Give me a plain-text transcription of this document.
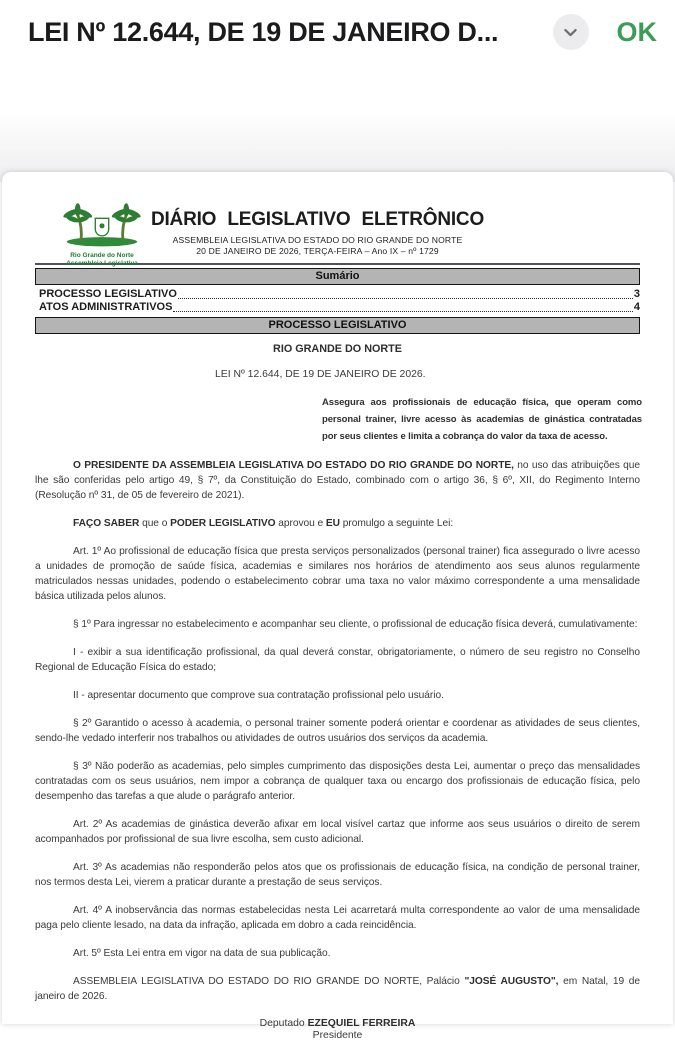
LEI Nº 12.644, DE 19 DE JANEIRO D...	OK
Rio Grande do Norte
Assembleia Legislativa
DIÁRIO LEGISLATIVO ELETRÔNICO
ASSEMBLEIA LEGISLATIVA DO ESTADO DO RIO GRANDE DO NORTE
20 DE JANEIRO DE 2026, TERÇA-FEIRA – Ano IX – nº 1729
Sumário
PROCESSO LEGISLATIVO	3
ATOS ADMINISTRATIVOS	4
PROCESSO LEGISLATIVO
RIO GRANDE DO NORTE
LEI Nº 12.644, DE 19 DE JANEIRO DE 2026.
Assegura aos profissionais de educação física, que operam como personal trainer, livre acesso às academias de ginástica contratadas por seus clientes e limita a cobrança do valor da taxa de acesso.

O PRESIDENTE DA ASSEMBLEIA LEGISLATIVA DO ESTADO DO RIO GRANDE DO NORTE, no uso das atribuições que lhe são conferidas pelo artigo 49, § 7º, da Constituição do Estado, combinado com o artigo 36, § 6º, XII, do Regimento Interno (Resolução nº 31, de 05 de fevereiro de 2021).

FAÇO SABER que o PODER LEGISLATIVO aprovou e EU promulgo a seguinte Lei:

Art. 1º Ao profissional de educação física que presta serviços personalizados (personal trainer) fica assegurado o livre acesso a unidades de promoção de saúde física, academias e similares nos horários de atendimento aos seus alunos regularmente matriculados nessas unidades, podendo o estabelecimento cobrar uma taxa no valor máximo correspondente a uma mensalidade básica utilizada pelos alunos.

§ 1º Para ingressar no estabelecimento e acompanhar seu cliente, o profissional de educação física deverá, cumulativamente:

I - exibir a sua identificação profissional, da qual deverá constar, obrigatoriamente, o número de seu registro no Conselho Regional de Educação Física do estado;

II - apresentar documento que comprove sua contratação profissional pelo usuário.

§ 2º Garantido o acesso à academia, o personal trainer somente poderá orientar e coordenar as atividades de seus clientes, sendo-lhe vedado interferir nos trabalhos ou atividades de outros usuários dos serviços da academia.

§ 3º Não poderão as academias, pelo simples cumprimento das disposições desta Lei, aumentar o preço das mensalidades contratadas com os seus usuários, nem impor a cobrança de qualquer taxa ou encargo dos profissionais de educação física, pelo desempenho das tarefas a que alude o parágrafo anterior.

Art. 2º As academias de ginástica deverão afixar em local visível cartaz que informe aos seus usuários o direito de serem acompanhados por profissional de sua livre escolha, sem custo adicional.

Art. 3º As academias não responderão pelos atos que os profissionais de educação física, na condição de personal trainer, nos termos desta Lei, vierem a praticar durante a prestação de seus serviços.

Art. 4º A inobservância das normas estabelecidas nesta Lei acarretará multa correspondente ao valor de uma mensalidade paga pelo cliente lesado, na data da infração, aplicada em dobro a cada reincidência.

Art. 5º Esta Lei entra em vigor na data de sua publicação.

ASSEMBLEIA LEGISLATIVA DO ESTADO DO RIO GRANDE DO NORTE, Palácio "JOSÉ AUGUSTO", em Natal, 19 de janeiro de 2026.

Deputado EZEQUIEL FERREIRA
Presidente
